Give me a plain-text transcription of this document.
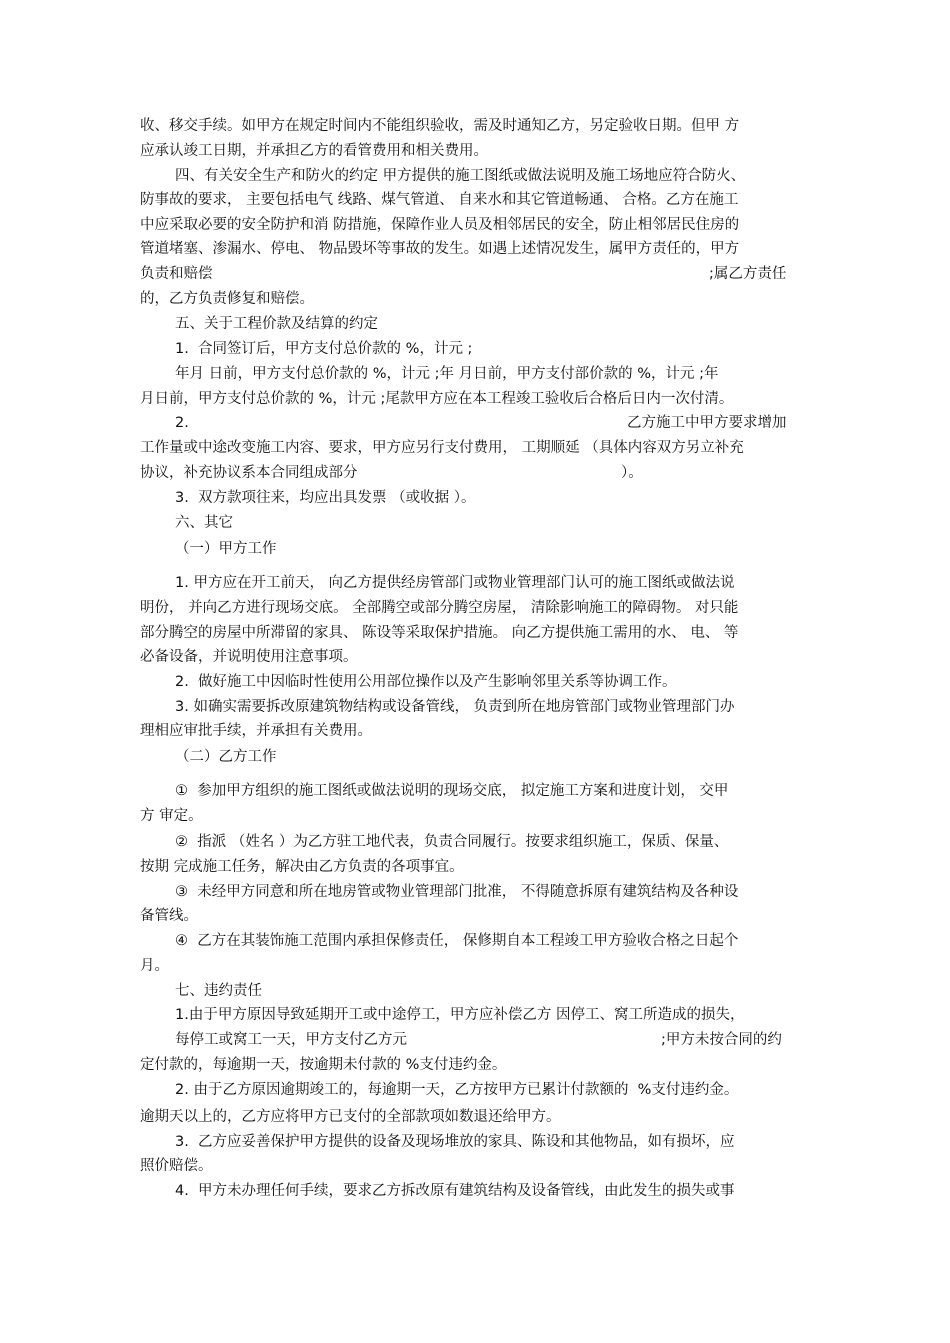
收、移交手续。如甲方在规定时间内不能组织验收，需及时通知乙方，另定验收日期。但甲 方
应承认竣工日期，并承担乙方的看管费用和相关费用。
四、有关安全生产和防火的约定 甲方提供的施工图纸或做法说明及施工场地应符合防火、
防事故的要求， 主要包括电气 线路、煤气管道、 自来水和其它管道畅通、 合格。乙方在施工
中应采取必要的安全防护和消 防措施，保障作业人员及相邻居民的安全，防止相邻居民住房的
管道堵塞、渗漏水、停电、 物品毁坏等事故的发生。如遇上述情况发生，属甲方责任的，甲方
负责和赔偿	;属乙方责任
的，乙方负责修复和赔偿。
五、关于工程价款及结算的约定
1.  合同签订后，甲方支付总价款的 %，计元 ;
年月 日前，甲方支付总价款的 %，计元 ;年 月日前，甲方支付部价款的 %，计元 ;年
月日前，甲方支付总价款的 %，计元 ;尾款甲方应在本工程竣工验收后合格后日内一次付清。
2.	乙方施工中甲方要求增加
工作量或中途改变施工内容、要求，甲方应另行支付费用， 工期顺延 （具体内容双方另立补充
协议，补充协议系本合同组成部分	）。
3.  双方款项往来，均应出具发票 （或收据 ）。
六、其它
（一）甲方工作
1. 甲方应在开工前天， 向乙方提供经房管部门或物业管理部门认可的施工图纸或做法说
明份， 并向乙方进行现场交底。 全部腾空或部分腾空房屋， 清除影响施工的障碍物。 对只能
部分腾空的房屋中所滞留的家具、 陈设等采取保护措施。 向乙方提供施工需用的水、 电、 等
必备设备，并说明使用注意事项。
2.  做好施工中因临时性使用公用部位操作以及产生影响邻里关系等协调工作。
3. 如确实需要拆改原建筑物结构或设备管线， 负责到所在地房管部门或物业管理部门办
理相应审批手续，并承担有关费用。
（二）乙方工作
①  参加甲方组织的施工图纸或做法说明的现场交底， 拟定施工方案和进度计划， 交甲
方 审定。
②  指派 （姓名 ）为乙方驻工地代表，负责合同履行。按要求组织施工，保质、保量、
按期 完成施工任务，解决由乙方负责的各项事宜。
③  未经甲方同意和所在地房管或物业管理部门批准， 不得随意拆原有建筑结构及各种设
备管线。
④  乙方在其装饰施工范围内承担保修责任， 保修期自本工程竣工甲方验收合格之日起个
月。
七、违约责任
1.由于甲方原因导致延期开工或中途停工，甲方应补偿乙方 因停工、窝工所造成的损失，
每停工或窝工一天，甲方支付乙方元	;甲方未按合同的约
定付款的，每逾期一天，按逾期未付款的 %支付违约金。
2. 由于乙方原因逾期竣工的，每逾期一天，乙方按甲方已累计付款额的  %支付违约金。
逾期天以上的，乙方应将甲方已支付的全部款项如数退还给甲方。
3.  乙方应妥善保护甲方提供的设备及现场堆放的家具、陈设和其他物品，如有损坏，应
照价赔偿。
4.  甲方未办理任何手续，要求乙方拆改原有建筑结构及设备管线，由此发生的损失或事
